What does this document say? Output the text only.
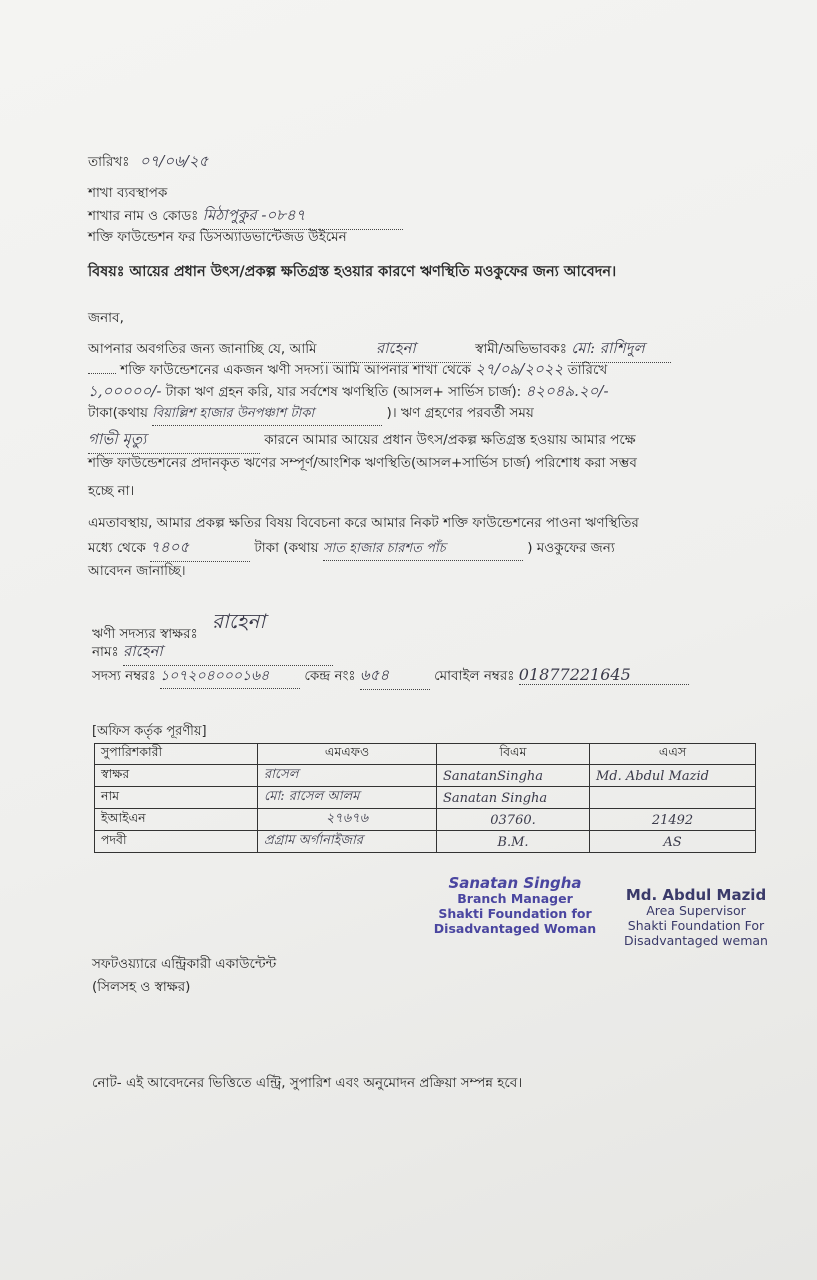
তারিখঃ ০৭/০৬/২৫
শাখা ব্যবস্থাপক
শাখার নাম ও কোডঃ মিঠাপুকুর -০৮৪৭
শক্তি ফাউন্ডেশন ফর ডিসঅ্যাডভান্টেজড উইমেন
বিষয়ঃ আয়ের প্রধান উৎস/প্রকল্প ক্ষতিগ্রস্ত হওয়ার কারণে ঋণস্থিতি মওকুফের জন্য আবেদন।
জনাব,
আপনার অবগতির জন্য জানাচ্ছি যে, আমি	রাহেনা	স্বামী/অভিভাবকঃ মো: রাশিদুল
শক্তি ফাউন্ডেশনের একজন ঋণী সদস্য। আমি আপনার শাখা থেকে ২৭/০৯/২০২২ তারিখে
১,০০০০০/- টাকা ঋণ গ্রহন করি, যার সর্বশেষ ঋণস্থিতি (আসল+ সার্ভিস চার্জ): ৪২০৪৯.২০/-
টাকা(কথায় বিয়াল্লিশ হাজার উনপঞ্চাশ টাকা	)। ঋণ গ্রহণের পরবর্তী সময়
গাভী মৃত্যু	কারনে আমার আয়ের প্রধান উৎস/প্রকল্প ক্ষতিগ্রস্ত হওয়ায় আমার পক্ষে
শক্তি ফাউন্ডেশনের প্রদানকৃত ঋণের সম্পূর্ণ/আংশিক ঋণস্থিতি(আসল+সার্ভিস চার্জ) পরিশোধ করা সম্ভব
হচ্ছে না।
এমতাবস্থায়, আমার প্রকল্প ক্ষতির বিষয় বিবেচনা করে আমার নিকট শক্তি ফাউন্ডেশনের পাওনা ঋণস্থিতির
মধ্যে থেকে ৭৪০৫	টাকা (কথায় সাত হাজার চারশত পাঁচ	) মওকুফের জন্য
আবেদন জানাচ্ছি।
ঋণী সদস্যর স্বাক্ষরঃ রাহেনা
নামঃ রাহেনা
সদস্য নম্বরঃ ১০৭২০৪০০০১৬৪	কেন্দ্র নংঃ ৬৫৪	মোবাইল নম্বরঃ 01877221645
[অফিস কর্তৃক পূরণীয়]
সুপারিশকারী	এমএফও	বিএম	এএস
স্বাক্ষর	রাসেল	SanatanSingha	Md. Abdul Mazid
নাম	মো: রাসেল আলম	Sanatan Singha	
ইআইএন	২৭৬৭৬	03760.	21492
পদবী	প্রগ্রাম অর্গানাইজার	B.M.	AS
Sanatan Singha
Branch Manager
Shakti Foundation for
Disadvantaged Woman
Md. Abdul Mazid
Area Supervisor
Shakti Foundation For
Disadvantaged weman
সফটওয়্যারে এন্ট্রিকারী একাউন্টেন্ট
(সিলসহ ও স্বাক্ষর)
নোট- এই আবেদনের ভিত্তিতে এন্ট্রি, সুপারিশ এবং অনুমোদন প্রক্রিয়া সম্পন্ন হবে।
